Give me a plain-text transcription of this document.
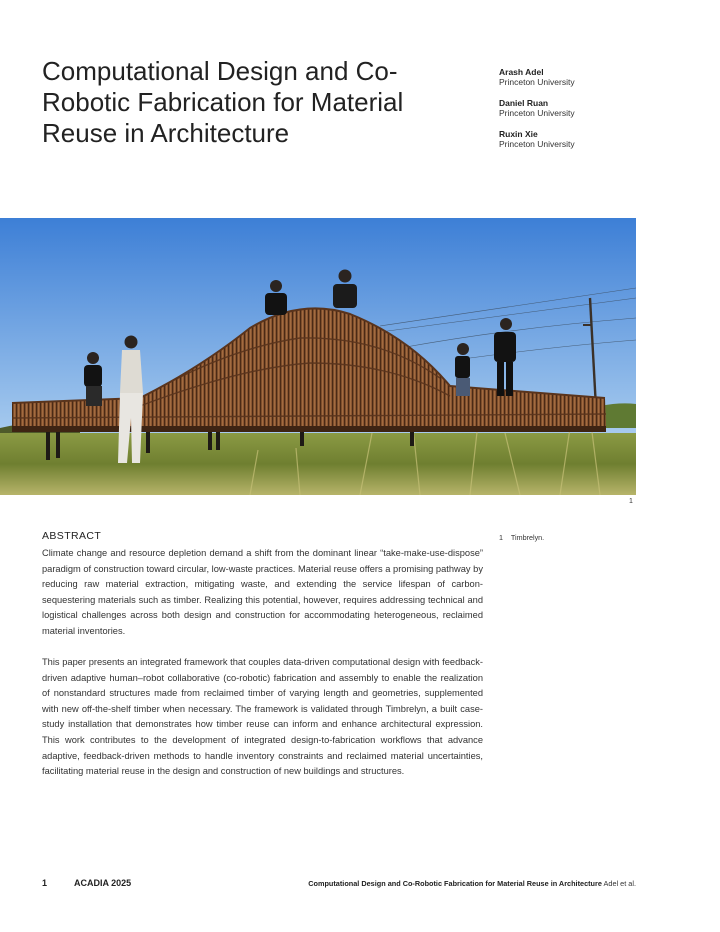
Computational Design and Co-Robotic Fabrication for Material Reuse in Architecture
Arash Adel
Princeton University
Daniel Ruan
Princeton University
Ruxin Xie
Princeton University
1
1 Timbrelyn.
ABSTRACT

Climate change and resource depletion demand a shift from the dominant linear “take-make-use-dispose” paradigm of construction toward circular, low-waste practices. Material reuse offers a promising pathway by reducing raw material extraction, mitigating waste, and extending the service lifespan of carbon-sequestering materials such as timber. Realizing this potential, however, requires addressing technical and logistical challenges across both design and construction for accommodating heterogeneous, reclaimed material inventories.

This paper presents an integrated framework that couples data-driven computational design with feedback-driven adaptive human–robot collaborative (co-robotic) fabrication and assembly to enable the realization of nonstandard structures made from reclaimed timber of varying length and geometries, supplemented with new off-the-shelf timber when necessary. The framework is validated through Timbrelyn, a built case-study installation that demonstrates how timber reuse can inform and enhance architectural expression. This work contributes to the development of integrated design-to-fabrication workflows that advance adaptive, feedback-driven methods to handle inventory constraints and reclaimed material uncertainties, facilitating material reuse in the design and construction of new buildings and structures.

1	ACADIA 2025	Computational Design and Co-Robotic Fabrication for Material Reuse in Architecture Adel et al.
